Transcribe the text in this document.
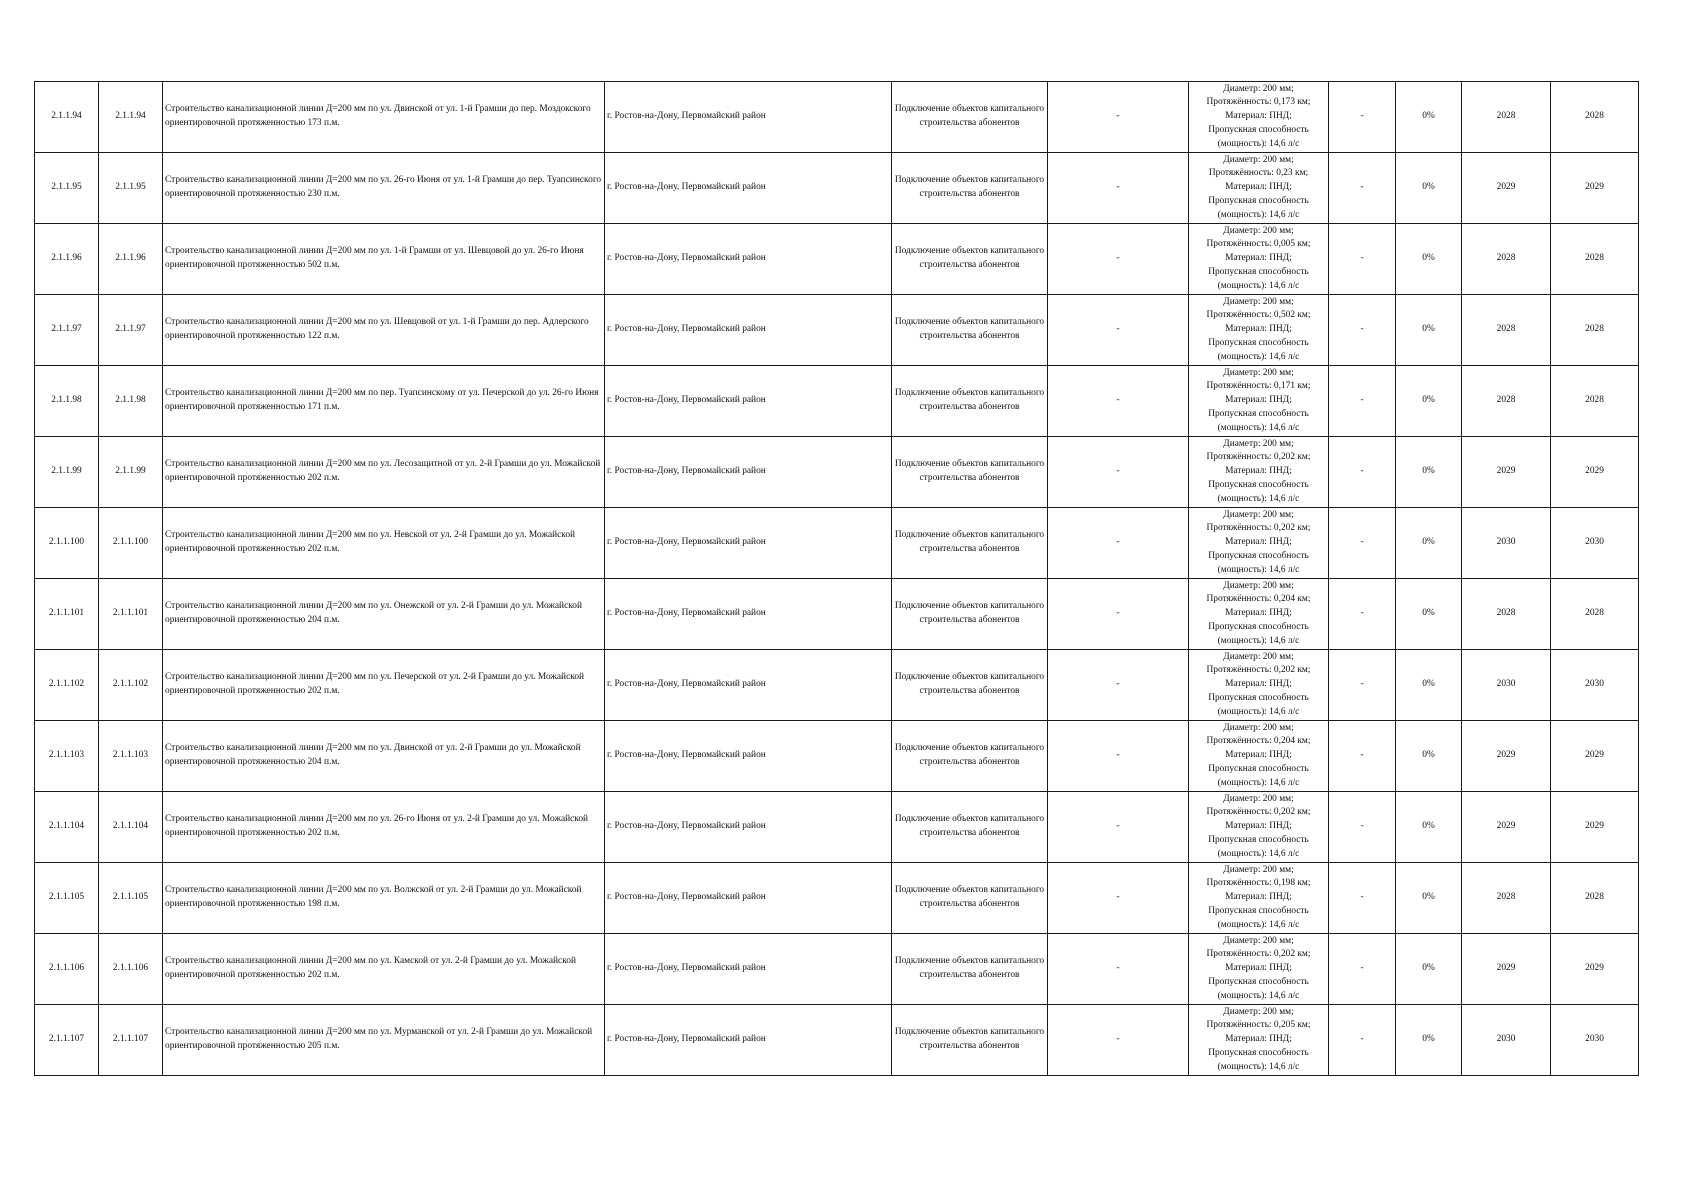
2.1.1.94	2.1.1.94	Строительство канализационной линии Д=200 мм по ул. Двинской от ул. 1-й Грамши до пер. Моздокского ориентировочной протяженностью 173 п.м.	г. Ростов-на-Дону, Первомайский район	Подключение объектов капитального строительства абонентов	-	Диаметр: 200 мм;
Протяжённость: 0,173 км;
Материал: ПНД;
Пропускная способность
(мощность): 14,6 л/с	-	0%	2028	2028
2.1.1.95	2.1.1.95	Строительство канализационной линии Д=200 мм по ул. 26-го Июня от ул. 1-й Грамши до пер. Туапсинского ориентировочной протяженностью 230 п.м.	г. Ростов-на-Дону, Первомайский район	Подключение объектов капитального строительства абонентов	-	Диаметр: 200 мм;
Протяжённость: 0,23 км;
Материал: ПНД;
Пропускная способность
(мощность): 14,6 л/с	-	0%	2029	2029
2.1.1.96	2.1.1.96	Строительство канализационной линии Д=200 мм по ул. 1-й Грамши от ул. Шевцовой до ул. 26-го Июня ориентировочной протяженностью 502 п.м.	г. Ростов-на-Дону, Первомайский район	Подключение объектов капитального строительства абонентов	-	Диаметр: 200 мм;
Протяжённость: 0,005 км;
Материал: ПНД;
Пропускная способность
(мощность): 14,6 л/с	-	0%	2028	2028
2.1.1.97	2.1.1.97	Строительство канализационной линии Д=200 мм по ул. Шевцовой от ул. 1-й Грамши до пер. Адлерского ориентировочной протяженностью 122 п.м.	г. Ростов-на-Дону, Первомайский район	Подключение объектов капитального строительства абонентов	-	Диаметр: 200 мм;
Протяжённость: 0,502 км;
Материал: ПНД;
Пропускная способность
(мощность): 14,6 л/с	-	0%	2028	2028
2.1.1.98	2.1.1.98	Строительство канализационной линии Д=200 мм по пер. Туапсинскому от ул. Печерской до ул. 26-го Июня ориентировочной протяженностью 171 п.м.	г. Ростов-на-Дону, Первомайский район	Подключение объектов капитального строительства абонентов	-	Диаметр: 200 мм;
Протяжённость: 0,171 км;
Материал: ПНД;
Пропускная способность
(мощность): 14,6 л/с	-	0%	2028	2028
2.1.1.99	2.1.1.99	Строительство канализационной линии Д=200 мм по ул. Лесозащитной от ул. 2-й Грамши до ул. Можайской ориентировочной протяженностью 202 п.м.	г. Ростов-на-Дону, Первомайский район	Подключение объектов капитального строительства абонентов	-	Диаметр: 200 мм;
Протяжённость: 0,202 км;
Материал: ПНД;
Пропускная способность
(мощность): 14,6 л/с	-	0%	2029	2029
2.1.1.100	2.1.1.100	Строительство канализационной линии Д=200 мм по ул. Невской от ул. 2-й Грамши до ул. Можайской ориентировочной протяженностью 202 п.м.	г. Ростов-на-Дону, Первомайский район	Подключение объектов капитального строительства абонентов	-	Диаметр: 200 мм;
Протяжённость: 0,202 км;
Материал: ПНД;
Пропускная способность
(мощность): 14,6 л/с	-	0%	2030	2030
2.1.1.101	2.1.1.101	Строительство канализационной линии Д=200 мм по ул. Онежской от ул. 2-й Грамши до ул. Можайской ориентировочной протяженностью 204 п.м.	г. Ростов-на-Дону, Первомайский район	Подключение объектов капитального строительства абонентов	-	Диаметр: 200 мм;
Протяжённость: 0,204 км;
Материал: ПНД;
Пропускная способность
(мощность): 14,6 л/с	-	0%	2028	2028
2.1.1.102	2.1.1.102	Строительство канализационной линии Д=200 мм по ул. Печерской от ул. 2-й Грамши до ул. Можайской ориентировочной протяженностью 202 п.м.	г. Ростов-на-Дону, Первомайский район	Подключение объектов капитального строительства абонентов	-	Диаметр: 200 мм;
Протяжённость: 0,202 км;
Материал: ПНД;
Пропускная способность
(мощность): 14,6 л/с	-	0%	2030	2030
2.1.1.103	2.1.1.103	Строительство канализационной линии Д=200 мм по ул. Двинской от ул. 2-й Грамши до ул. Можайской ориентировочной протяженностью 204 п.м.	г. Ростов-на-Дону, Первомайский район	Подключение объектов капитального строительства абонентов	-	Диаметр: 200 мм;
Протяжённость: 0,204 км;
Материал: ПНД;
Пропускная способность
(мощность): 14,6 л/с	-	0%	2029	2029
2.1.1.104	2.1.1.104	Строительство канализационной линии Д=200 мм по ул. 26-го Июня от ул. 2-й Грамши до ул. Можайской ориентировочной протяженностью 202 п.м.	г. Ростов-на-Дону, Первомайский район	Подключение объектов капитального строительства абонентов	-	Диаметр: 200 мм;
Протяжённость: 0,202 км;
Материал: ПНД;
Пропускная способность
(мощность): 14,6 л/с	-	0%	2029	2029
2.1.1.105	2.1.1.105	Строительство канализационной линии Д=200 мм по ул. Волжской от ул. 2-й Грамши до ул. Можайской ориентировочной протяженностью 198 п.м.	г. Ростов-на-Дону, Первомайский район	Подключение объектов капитального строительства абонентов	-	Диаметр: 200 мм;
Протяжённость: 0,198 км;
Материал: ПНД;
Пропускная способность
(мощность): 14,6 л/с	-	0%	2028	2028
2.1.1.106	2.1.1.106	Строительство канализационной линии Д=200 мм по ул. Камской от ул. 2-й Грамши до ул. Можайской ориентировочной протяженностью 202 п.м.	г. Ростов-на-Дону, Первомайский район	Подключение объектов капитального строительства абонентов	-	Диаметр: 200 мм;
Протяжённость: 0,202 км;
Материал: ПНД;
Пропускная способность
(мощность): 14,6 л/с	-	0%	2029	2029
2.1.1.107	2.1.1.107	Строительство канализационной линии Д=200 мм по ул. Мурманской от ул. 2-й Грамши до ул. Можайской ориентировочной протяженностью 205 п.м.	г. Ростов-на-Дону, Первомайский район	Подключение объектов капитального строительства абонентов	-	Диаметр: 200 мм;
Протяжённость: 0,205 км;
Материал: ПНД;
Пропускная способность
(мощность): 14,6 л/с	-	0%	2030	2030
